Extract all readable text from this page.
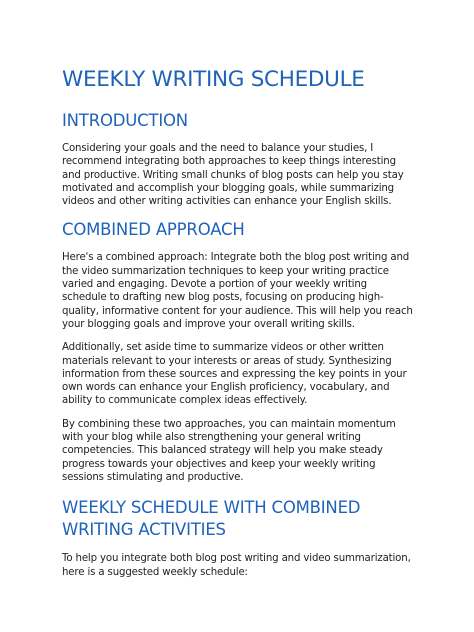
WEEKLY WRITING SCHEDULE
INTRODUCTION

Considering your goals and the need to balance your studies, I recommend integrating both approaches to keep things interesting and productive. Writing small chunks of blog posts can help you stay motivated and accomplish your blogging goals, while summarizing videos and other writing activities can enhance your English skills.

COMBINED APPROACH

Here's a combined approach: Integrate both the blog post writing and the video summarization techniques to keep your writing practice varied and engaging. Devote a portion of your weekly writing schedule to drafting new blog posts, focusing on producing high-quality, informative content for your audience. This will help you reach your blogging goals and improve your overall writing skills.

Additionally, set aside time to summarize videos or other written materials relevant to your interests or areas of study. Synthesizing information from these sources and expressing the key points in your own words can enhance your English proficiency, vocabulary, and ability to communicate complex ideas effectively.

By combining these two approaches, you can maintain momentum with your blog while also strengthening your general writing competencies. This balanced strategy will help you make steady progress towards your objectives and keep your weekly writing sessions stimulating and productive.

WEEKLY SCHEDULE WITH COMBINED WRITING ACTIVITIES

To help you integrate both blog post writing and video summarization, here is a suggested weekly schedule:
